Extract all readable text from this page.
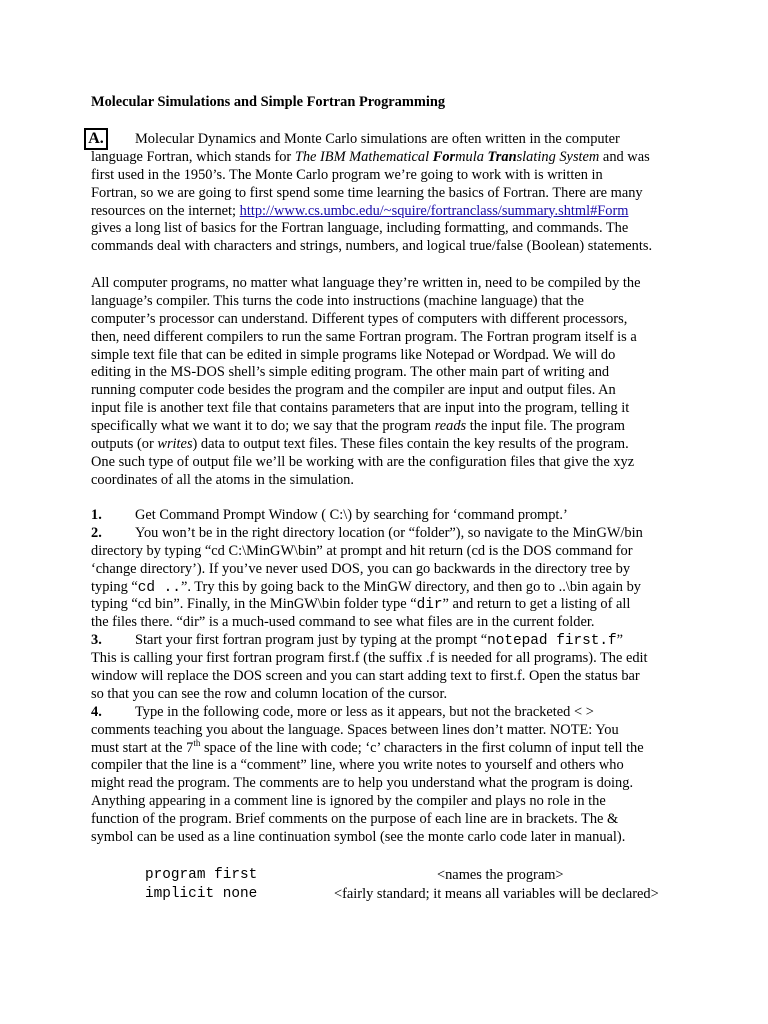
Molecular Simulations and Simple Fortran Programming
A.	Molecular Dynamics and Monte Carlo simulations are often written in the computer
language Fortran, which stands for The IBM Mathematical Formula Translating System and was
first used in the 1950’s. The Monte Carlo program we’re going to work with is written in
Fortran, so we are going to first spend some time learning the basics of Fortran. There are many
resources on the internet; http://www.cs.umbc.edu/~squire/fortranclass/summary.shtml#Form
gives a long list of basics for the Fortran language, including formatting, and commands. The
commands deal with characters and strings, numbers, and logical true/false (Boolean) statements.
All computer programs, no matter what language they’re written in, need to be compiled by the
language’s compiler. This turns the code into instructions (machine language) that the
computer’s processor can understand. Different types of computers with different processors,
then, need different compilers to run the same Fortran program. The Fortran program itself is a
simple text file that can be edited in simple programs like Notepad or Wordpad. We will do
editing in the MS-DOS shell’s simple editing program. The other main part of writing and
running computer code besides the program and the compiler are input and output files. An
input file is another text file that contains parameters that are input into the program, telling it
specifically what we want it to do; we say that the program reads the input file. The program
outputs (or writes) data to output text files. These files contain the key results of the program.
One such type of output file we’ll be working with are the configuration files that give the xyz
coordinates of all the atoms in the simulation.
1. Get Command Prompt Window ( C:\) by searching for ‘command prompt.’
2. You won’t be in the right directory location (or “folder”), so navigate to the MinGW/bin
directory by typing “cd C:\MinGW\bin” at prompt and hit return (cd is the DOS command for
‘change directory’). If you’ve never used DOS, you can go backwards in the directory tree by
typing “cd ..”. Try this by going back to the MinGW directory, and then go to ..\bin again by
typing “cd bin”. Finally, in the MinGW\bin folder type “dir” and return to get a listing of all
the files there. “dir” is a much-used command to see what files are in the current folder.
3. Start your first fortran program just by typing at the prompt “notepad first.f”
This is calling your first fortran program first.f (the suffix .f is needed for all programs). The edit
window will replace the DOS screen and you can start adding text to first.f. Open the status bar
so that you can see the row and column location of the cursor.
4. Type in the following code, more or less as it appears, but not the bracketed < >
comments teaching you about the language. Spaces between lines don’t matter. NOTE: You
must start at the 7th space of the line with code; ‘c’ characters in the first column of input tell the
compiler that the line is a “comment” line, where you write notes to yourself and others who
might read the program. The comments are to help you understand what the program is doing.
Anything appearing in a comment line is ignored by the compiler and plays no role in the
function of the program. Brief comments on the purpose of each line are in brackets. The &
symbol can be used as a line continuation symbol (see the monte carlo code later in manual).
program first	<names the program>
implicit none	<fairly standard; it means all variables will be declared>
